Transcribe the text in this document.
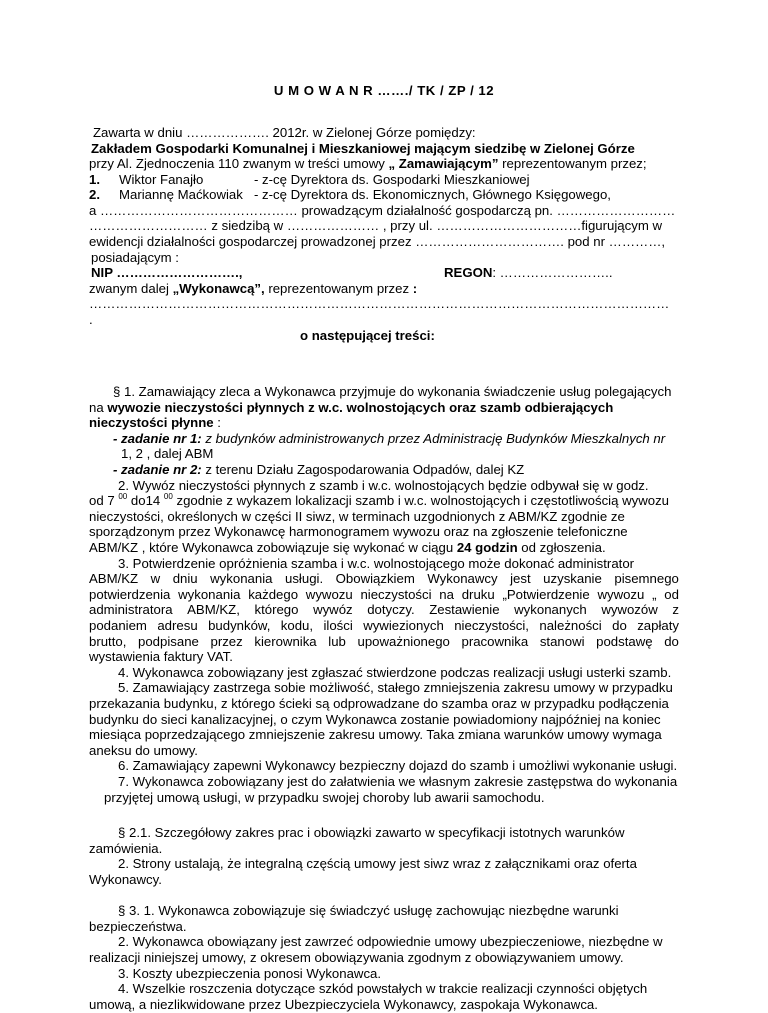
U M O W A N R ……./ TK / ZP / 12
Zawarta w dniu ………………. 2012r. w Zielonej Górze pomiędzy:
Zakładem Gospodarki Komunalnej i Mieszkaniowej mającym siedzibę w Zielonej Górze
przy Al. Zjednoczenia 110 zwanym w treści umowy „ Zamawiającym” reprezentowanym przez;
1. Wiktor Fanajło	- z-cę Dyrektora ds. Gospodarki Mieszkaniowej
2. Mariannę Maćkowiak - z-cę Dyrektora ds. Ekonomicznych, Głównego Księgowego,
a ……………………………………… prowadzącym działalność gospodarczą pn. ………………………
……………………… z siedzibą w ………………… , przy ul. ……………………………figurującym w
ewidencji działalności gospodarczej prowadzonej przez ……………………………. pod nr …………,
posiadającym :
NIP ……………………….,	REGON: ……………………..
zwanym dalej „Wykonawcą”, reprezentowanym przez :
……………………………………………………………………………………………………………………
.
o następującej treści:
§ 1. Zamawiający zleca a Wykonawca przyjmuje do wykonania świadczenie usług polegających
na wywozie nieczystości płynnych z w.c. wolnostojących oraz szamb odbierających
nieczystości płynne :
- zadanie nr 1: z budynków administrowanych przez Administrację Budynków Mieszkalnych nr
1, 2 , dalej ABM
- zadanie nr 2: z terenu Działu Zagospodarowania Odpadów, dalej KZ
2. Wywóz nieczystości płynnych z szamb i w.c. wolnostojących będzie odbywał się w godz.
od 7 $^{00}$ do14 $^{00}$ zgodnie z wykazem lokalizacji szamb i w.c. wolnostojących i częstotliwością wywozu
nieczystości, określonych w części II siwz, w terminach uzgodnionych z ABM/KZ zgodnie ze
sporządzonym przez Wykonawcę harmonogramem wywozu oraz na zgłoszenie telefoniczne
ABM/KZ , które Wykonawca zobowiązuje się wykonać w ciągu 24 godzin od zgłoszenia.
3. Potwierdzenie opróżnienia szamba i w.c. wolnostojącego może dokonać administrator
ABM/KZ w dniu wykonania usługi. Obowiązkiem Wykonawcy jest uzyskanie pisemnego
potwierdzenia wykonania każdego wywozu nieczystości na druku „Potwierdzenie wywozu „ od
administratora ABM/KZ, którego wywóz dotyczy. Zestawienie wykonanych wywozów z
podaniem adresu budynków, kodu, ilości wywiezionych nieczystości, należności do zapłaty
brutto, podpisane przez kierownika lub upoważnionego pracownika stanowi podstawę do
wystawienia faktury VAT.
4. Wykonawca zobowiązany jest zgłaszać stwierdzone podczas realizacji usługi usterki szamb.
5. Zamawiający zastrzega sobie możliwość, stałego zmniejszenia zakresu umowy w przypadku
przekazania budynku, z którego ścieki są odprowadzane do szamba oraz w przypadku podłączenia
budynku do sieci kanalizacyjnej, o czym Wykonawca zostanie powiadomiony najpóźniej na koniec
miesiąca poprzedzającego zmniejszenie zakresu umowy. Taka zmiana warunków umowy wymaga
aneksu do umowy.
6. Zamawiający zapewni Wykonawcy bezpieczny dojazd do szamb i umożliwi wykonanie usługi.
7. Wykonawca zobowiązany jest do załatwienia we własnym zakresie zastępstwa do wykonania
przyjętej umową usługi, w przypadku swojej choroby lub awarii samochodu.
§ 2.1. Szczegółowy zakres prac i obowiązki zawarto w specyfikacji istotnych warunków
zamówienia.
2. Strony ustalają, że integralną częścią umowy jest siwz wraz z załącznikami oraz oferta
Wykonawcy.
§ 3. 1. Wykonawca zobowiązuje się świadczyć usługę zachowując niezbędne warunki
bezpieczeństwa.
2. Wykonawca obowiązany jest zawrzeć odpowiednie umowy ubezpieczeniowe, niezbędne w
realizacji niniejszej umowy, z okresem obowiązywania zgodnym z obowiązywaniem umowy.
3. Koszty ubezpieczenia ponosi Wykonawca.
4. Wszelkie roszczenia dotyczące szkód powstałych w trakcie realizacji czynności objętych
umową, a niezlikwidowane przez Ubezpieczyciela Wykonawcy, zaspokaja Wykonawca.
